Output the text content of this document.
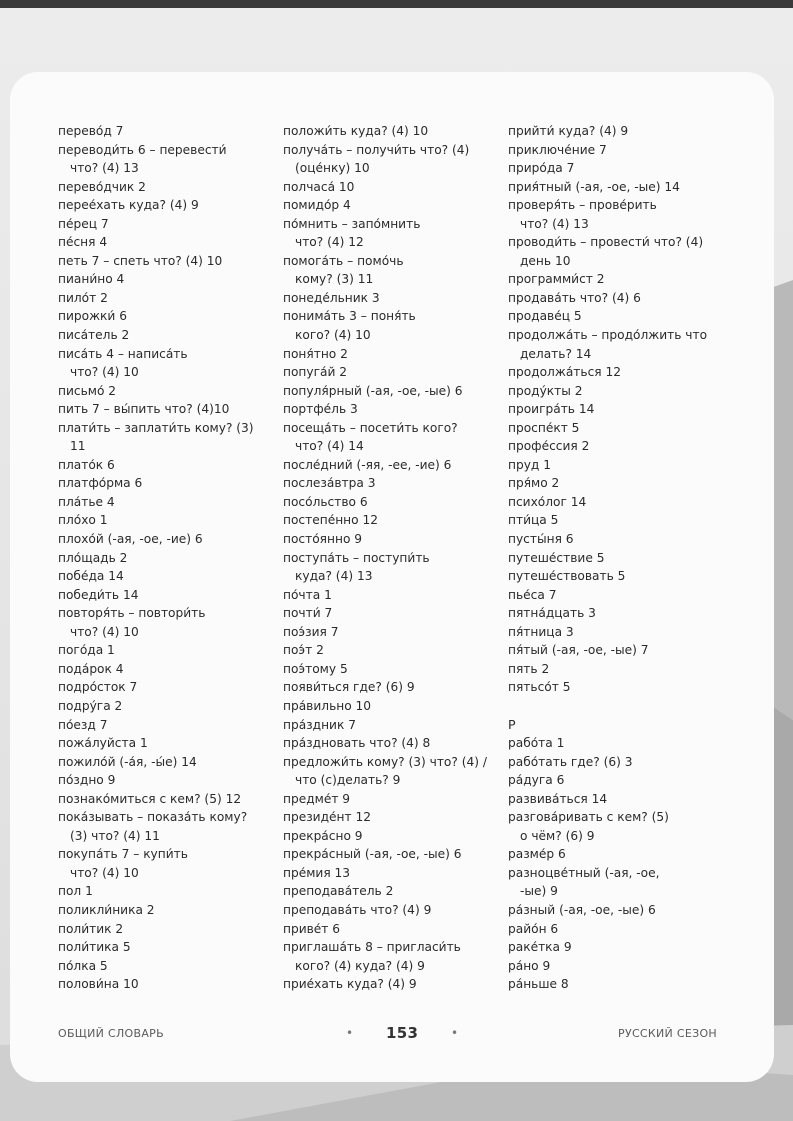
перево́д 7
переводи́ть 6 – перевести́
что? (4) 13
перево́дчик 2
перее́хать куда? (4) 9
пе́рец 7
пе́сня 4
петь 7 – спеть что? (4) 10
пиани́но 4
пило́т 2
пирожки́ 6
писа́тель 2
писа́ть 4 – написа́ть
что? (4) 10
письмо́ 2
пить 7 – вы́пить что? (4)10
плати́ть – заплати́ть кому? (3)
11
плато́к 6
платфо́рма 6
пла́тье 4
пло́хо 1
плохо́й (-ая, -ое, -ие) 6
пло́щадь 2
побе́да 14
победи́ть 14
повторя́ть – повтори́ть
что? (4) 10
пого́да 1
пода́рок 4
подро́сток 7
подру́га 2
по́езд 7
пожа́луйста 1
пожило́й (-а́я, -ы́е) 14
по́здно 9
познако́миться с кем? (5) 12
пока́зывать – показа́ть кому?
(3) что? (4) 11
покупа́ть 7 – купи́ть
что? (4) 10
пол 1
поликли́ника 2
поли́тик 2
поли́тика 5
по́лка 5
полови́на 10
положи́ть куда? (4) 10
получа́ть – получи́ть что? (4)
(оце́нку) 10
полчаса́ 10
помидо́р 4
по́мнить – запо́мнить
что? (4) 12
помога́ть – помо́чь
кому? (3) 11
понеде́льник 3
понима́ть 3 – поня́ть
кого? (4) 10
поня́тно 2
попуга́й 2
популя́рный (-ая, -ое, -ые) 6
портфе́ль 3
посеща́ть – посети́ть кого?
что? (4) 14
после́дний (-яя, -ее, -ие) 6
послеза́втра 3
посо́льство 6
постепе́нно 12
посто́янно 9
поступа́ть – поступи́ть
куда? (4) 13
по́чта 1
почти́ 7
поэ́зия 7
поэ́т 2
поэ́тому 5
появи́ться где? (6) 9
пра́вильно 10
пра́здник 7
пра́здновать что? (4) 8
предложи́ть кому? (3) что? (4) /
что (с)делать? 9
предме́т 9
президе́нт 12
прекра́сно 9
прекра́сный (-ая, -ое, -ые) 6
пре́мия 13
преподава́тель 2
преподава́ть что? (4) 9
приве́т 6
приглаша́ть 8 – пригласи́ть
кого? (4) куда? (4) 9
прие́хать куда? (4) 9
прийти́ куда? (4) 9
приключе́ние 7
приро́да 7
прия́тный (-ая, -ое, -ые) 14
проверя́ть – прове́рить
что? (4) 13
проводи́ть – провести́ что? (4)
день 10
программи́ст 2
продава́ть что? (4) 6
продаве́ц 5
продолжа́ть – продо́лжить что
делать? 14
продолжа́ться 12
проду́кты 2
проигра́ть 14
проспе́кт 5
профе́ссия 2
пруд 1
пря́мо 2
психо́лог 14
пти́ца 5
пусты́ня 6
путеше́ствие 5
путеше́ствовать 5
пье́са 7
пятна́дцать 3
пя́тница 3
пя́тый (-ая, -ое, -ые) 7
пять 2
пятьсо́т 5
Р
рабо́та 1
рабо́тать где? (6) 3
ра́дуга 6
развива́ться 14
разгова́ривать с кем? (5)
о чём? (6) 9
разме́р 6
разноцве́тный (-ая, -ое,
-ые) 9
ра́зный (-ая, -ое, -ые) 6
райо́н 6
раке́тка 9
ра́но 9
ра́ньше 8
ОБЩИЙ СЛОВАРЬ	• 153	•	РУССКИЙ СЕЗОН
